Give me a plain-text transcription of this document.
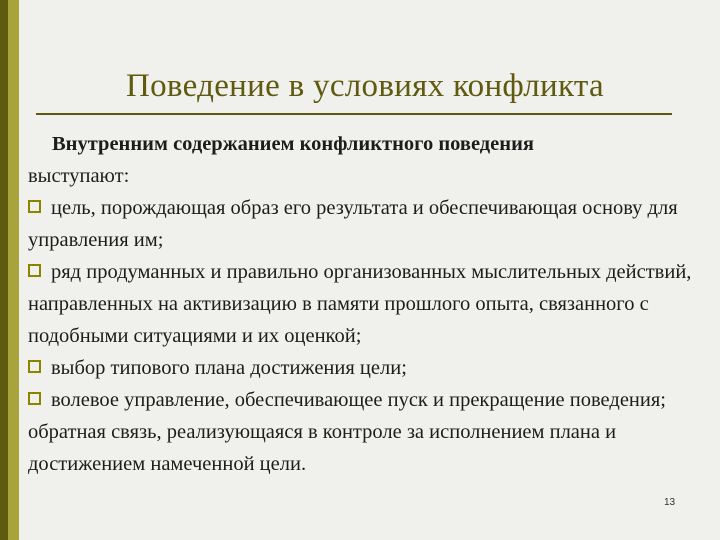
Поведение в условиях конфликта

Внутренним содержанием конфликтного поведения
выступают:

цель, порождающая образ его результата и обеспечивающая основу для управления им;

ряд продуманных и правильно организованных мыслительных действий, направленных на активизацию в памяти прошлого опыта, связанного с подобными ситуациями и их оценкой;

выбор типового плана достижения цели;

волевое управление, обеспечивающее пуск и прекращение поведения; обратная связь, реализующаяся в контроле за исполнением плана и достижением намеченной цели.

13
